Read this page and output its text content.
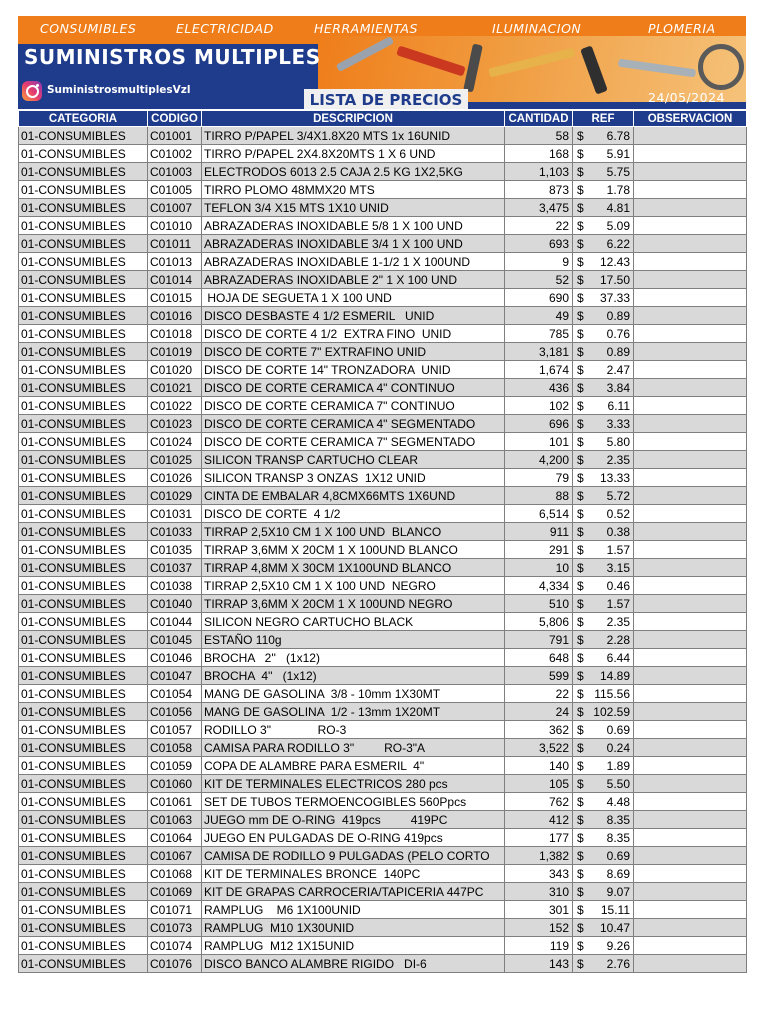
CONSUMIBLES	ELECTRICIDAD	HERRAMIENTAS	ILUMINACION	PLOMERIA
SUMINISTROS MULTIPLES
SuministrosmultiplesVzl
LISTA DE PRECIOS	24/05/2024
CATEGORIA	CODIGO	DESCRIPCION	CANTIDAD	REF	OBSERVACION
01-CONSUMIBLES	C01001	TIRRO P/PAPEL 3/4X1.8X20 MTS 1x 16UNID	58	$ 6.78	

01-CONSUMIBLES	C01002	TIRRO P/PAPEL 2X4.8X20MTS 1 X 6 UND	168	$ 5.91	

01-CONSUMIBLES	C01003	ELECTRODOS 6013 2.5 CAJA 2.5 KG 1X2,5KG	1,103	$ 5.75	

01-CONSUMIBLES	C01005	TIRRO PLOMO 48MMX20 MTS	873	$ 1.78	

01-CONSUMIBLES	C01007	TEFLON 3/4 X15 MTS 1X10 UNID	3,475	$ 4.81	

01-CONSUMIBLES	C01010	ABRAZADERAS INOXIDABLE 5/8 1 X 100 UND	22	$ 5.09	

01-CONSUMIBLES	C01011	ABRAZADERAS INOXIDABLE 3/4 1 X 100 UND	693	$ 6.22	

01-CONSUMIBLES	C01013	ABRAZADERAS INOXIDABLE 1-1/2 1 X 100UND	9	$ 12.43	

01-CONSUMIBLES	C01014	ABRAZADERAS INOXIDABLE 2" 1 X 100 UND	52	$ 17.50	

01-CONSUMIBLES	C01015	HOJA DE SEGUETA 1 X 100 UND	690	$ 37.33	

01-CONSUMIBLES	C01016	DISCO DESBASTE 4 1/2 ESMERIL   UNID	49	$ 0.89	

01-CONSUMIBLES	C01018	DISCO DE CORTE 4 1/2  EXTRA FINO  UNID	785	$ 0.76	

01-CONSUMIBLES	C01019	DISCO DE CORTE 7" EXTRAFINO UNID	3,181	$ 0.89	

01-CONSUMIBLES	C01020	DISCO DE CORTE 14" TRONZADORA  UNID	1,674	$ 2.47	

01-CONSUMIBLES	C01021	DISCO DE CORTE CERAMICA 4" CONTINUO	436	$ 3.84	

01-CONSUMIBLES	C01022	DISCO DE CORTE CERAMICA 7" CONTINUO	102	$ 6.11	

01-CONSUMIBLES	C01023	DISCO DE CORTE CERAMICA 4" SEGMENTADO	696	$ 3.33	

01-CONSUMIBLES	C01024	DISCO DE CORTE CERAMICA 7" SEGMENTADO	101	$ 5.80	

01-CONSUMIBLES	C01025	SILICON TRANSP CARTUCHO CLEAR	4,200	$ 2.35	

01-CONSUMIBLES	C01026	SILICON TRANSP 3 ONZAS  1X12 UNID	79	$ 13.33	

01-CONSUMIBLES	C01029	CINTA DE EMBALAR 4,8CMX66MTS 1X6UND	88	$ 5.72	

01-CONSUMIBLES	C01031	DISCO DE CORTE  4 1/2	6,514	$ 0.52	

01-CONSUMIBLES	C01033	TIRRAP 2,5X10 CM 1 X 100 UND  BLANCO	911	$ 0.38	

01-CONSUMIBLES	C01035	TIRRAP 3,6MM X 20CM 1 X 100UND BLANCO	291	$ 1.57	

01-CONSUMIBLES	C01037	TIRRAP 4,8MM X 30CM 1X100UND BLANCO	10	$ 3.15	

01-CONSUMIBLES	C01038	TIRRAP 2,5X10 CM 1 X 100 UND  NEGRO	4,334	$ 0.46	

01-CONSUMIBLES	C01040	TIRRAP 3,6MM X 20CM 1 X 100UND NEGRO	510	$ 1.57	

01-CONSUMIBLES	C01044	SILICON NEGRO CARTUCHO BLACK	5,806	$ 2.35	

01-CONSUMIBLES	C01045	ESTAÑO 110g	791	$ 2.28	

01-CONSUMIBLES	C01046	BROCHA   2''   (1x12)	648	$ 6.44	

01-CONSUMIBLES	C01047	BROCHA  4''   (1x12)	599	$ 14.89	

01-CONSUMIBLES	C01054	MANG DE GASOLINA  3/8 - 10mm 1X30MT	22	$ 115.56	

01-CONSUMIBLES	C01056	MANG DE GASOLINA  1/2 - 13mm 1X20MT	24	$ 102.59	

01-CONSUMIBLES	C01057	RODILLO 3"              RO-3	362	$ 0.69	

01-CONSUMIBLES	C01058	CAMISA PARA RODILLO 3"         RO-3"A	3,522	$ 0.24	

01-CONSUMIBLES	C01059	COPA DE ALAMBRE PARA ESMERIL  4"	140	$ 1.89	

01-CONSUMIBLES	C01060	KIT DE TERMINALES ELECTRICOS 280 pcs	105	$ 5.50	

01-CONSUMIBLES	C01061	SET DE TUBOS TERMOENCOGIBLES 560Ppcs	762	$ 4.48	

01-CONSUMIBLES	C01063	JUEGO mm DE O-RING  419pcs         419PC	412	$ 8.35	

01-CONSUMIBLES	C01064	JUEGO EN PULGADAS DE O-RING 419pcs	177	$ 8.35	

01-CONSUMIBLES	C01067	CAMISA DE RODILLO 9 PULGADAS (PELO CORTO	1,382	$ 0.69	

01-CONSUMIBLES	C01068	KIT DE TERMINALES BRONCE  140PC	343	$ 8.69	

01-CONSUMIBLES	C01069	KIT DE GRAPAS CARROCERIA/TAPICERIA 447PC	310	$ 9.07	

01-CONSUMIBLES	C01071	RAMPLUG    M6 1X100UNID	301	$ 15.11	

01-CONSUMIBLES	C01073	RAMPLUG  M10 1X30UNID	152	$ 10.47	

01-CONSUMIBLES	C01074	RAMPLUG  M12 1X15UNID	119	$ 9.26	

01-CONSUMIBLES	C01076	DISCO BANCO ALAMBRE RIGIDO   DI-6	143	$ 2.76	
